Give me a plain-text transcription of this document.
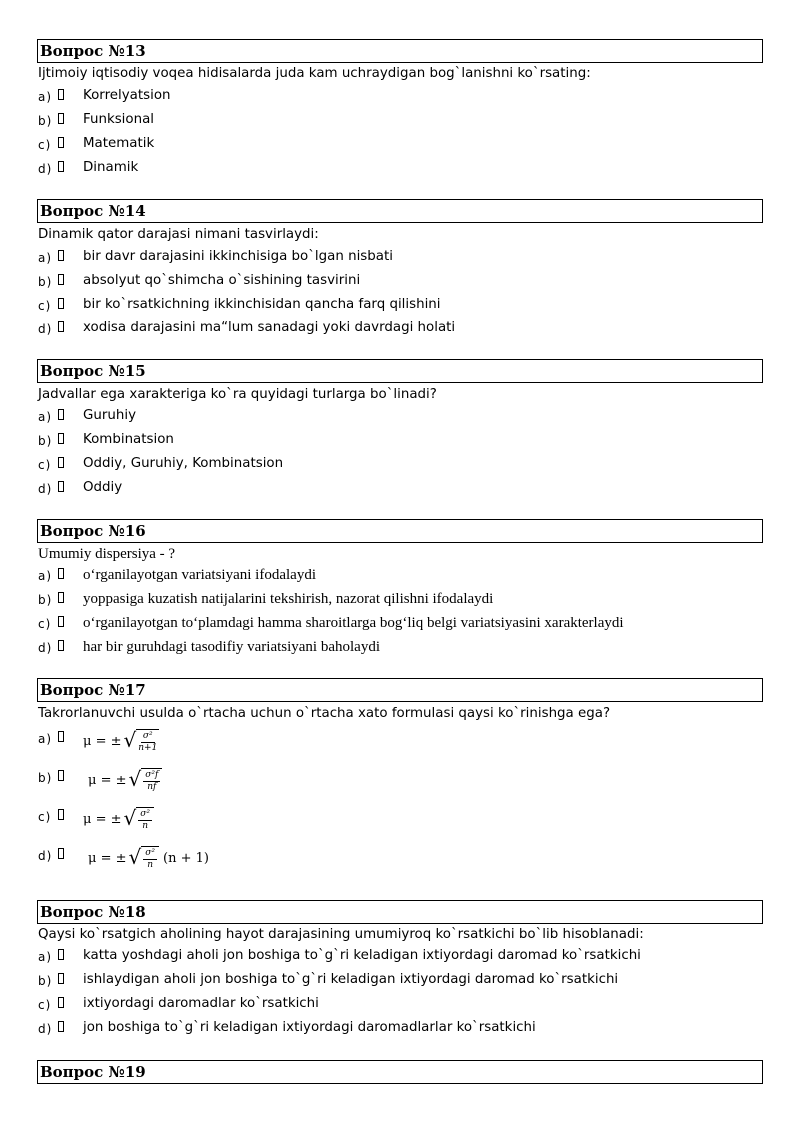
Вопрос №13
Ijtimoiy iqtisodiy voqea hidisalarda juda kam uchraydigan bog`lanishni ko`rsating:
a) Korrelyatsion
b) Funksional
c) Matematik
d) Dinamik
Вопрос №14
Dinamik qator darajasi nimani tasvirlaydi:
a) bir davr darajasini ikkinchisiga bo`lgan nisbati
b) absolyut qo`shimcha o`sishining tasvirini
c) bir ko`rsatkichning ikkinchisidan qancha farq qilishini
d) xodisa darajasini ma“lum sanadagi yoki davrdagi holati
Вопрос №15
Jadvallar ega xarakteriga ko`ra quyidagi turlarga bo`linadi?
a) Guruhiy
b) Kombinatsion
c) Oddiy, Guruhiy, Kombinatsion
d) Oddiy
Вопрос №16
Umumiy dispersiya - ?
a) o‘rganilayotgan variatsiyani ifodalaydi
b) yoppasiga kuzatish natijalarini tekshirish, nazorat qilishni ifodalaydi
c) o‘rganilayotgan to‘plamdagi hamma sharoitlarga bog‘liq belgi variatsiyasini xarakterlaydi
d) har bir guruhdagi tasodifiy variatsiyani baholaydi
Вопрос №17
Takrorlanuvchi usulda o`rtacha uchun o`rtacha xato formulasi qaysi ko`rinishga ega?
a) μ = ± √ $\frac{\text{σ²}}{n+1}$
b)	μ = ± √ $\frac{\text{σ²f}}{nf}$
c) μ = ± √ $\frac{\text{σ²}}{n}$
d)	μ = ± √ $\frac{\text{σ²}}{n} (n + 1)$
Вопрос №18
Qaysi ko`rsatgich aholining hayot darajasining umumiyroq ko`rsatkichi bo`lib hisoblanadi:
a) katta yoshdagi aholi jon boshiga to`g`ri keladigan ixtiyordagi daromad ko`rsatkichi
b) ishlaydigan aholi jon boshiga to`g`ri keladigan ixtiyordagi daromad ko`rsatkichi
c) ixtiyordagi daromadlar ko`rsatkichi
d) jon boshiga to`g`ri keladigan ixtiyordagi daromadlarlar ko`rsatkichi
Вопрос №19
